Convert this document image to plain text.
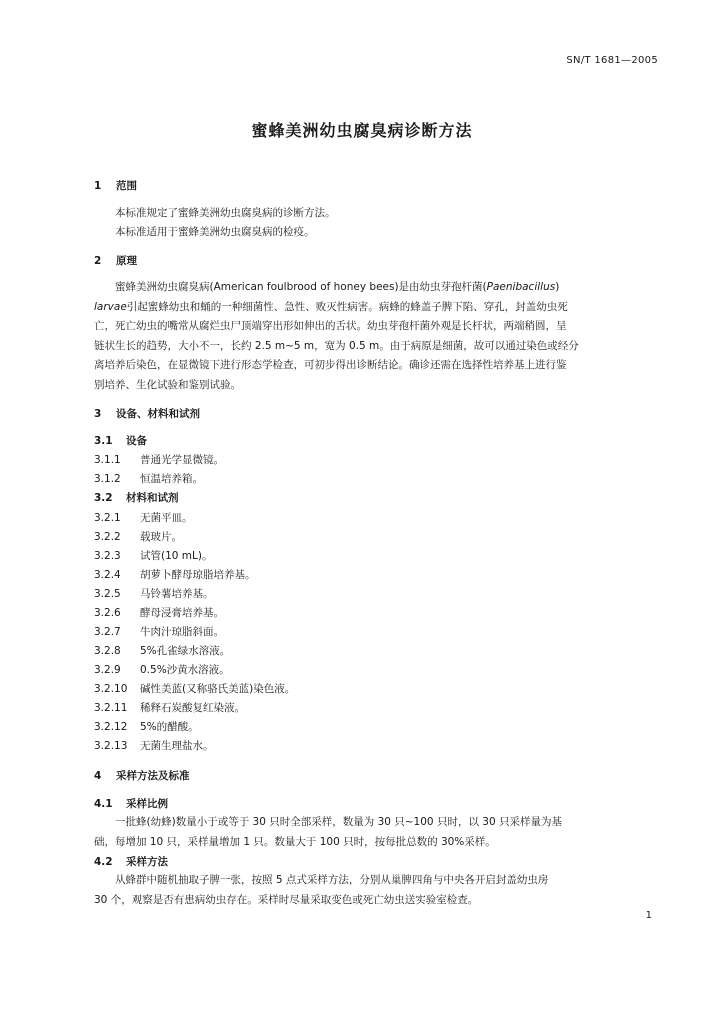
SN/T 1681—2005
蜜蜂美洲幼虫腐臭病诊断方法
1 范围
本标准规定了蜜蜂美洲幼虫腐臭病的诊断方法。
本标准适用于蜜蜂美洲幼虫腐臭病的检疫。
2 原理
蜜蜂美洲幼虫腐臭病(American foulbrood of honey bees)是由幼虫芽孢杆菌(Paenibacillus)
larvae引起蜜蜂幼虫和蛹的一种细菌性、急性、败灭性病害。病蜂的蜂盖子脾下陷、穿孔，封盖幼虫死
亡，死亡幼虫的嘴常从腐烂虫尸顶端穿出形如伸出的舌状。幼虫芽孢杆菌外观是长杆状，两端稍圆，呈
链状生长的趋势，大小不一，长约 2.5 m~5 m，宽为 0.5 m。由于病原是细菌，故可以通过染色或经分
离培养后染色，在显微镜下进行形态学检查，可初步得出诊断结论。确诊还需在选择性培养基上进行鉴
别培养、生化试验和鉴别试验。
3 设备、材料和试剂
3.1 设备
3.1.1 普通光学显微镜。
3.1.2 恒温培养箱。
3.2 材料和试剂
3.2.1 无菌平皿。
3.2.2 载玻片。
3.2.3 试管(10 mL)。
3.2.4 胡萝卜酵母琼脂培养基。
3.2.5 马铃薯培养基。
3.2.6 酵母浸膏培养基。
3.2.7 牛肉汁琼脂斜面。
3.2.8 5%孔雀绿水溶液。
3.2.9 0.5%沙黄水溶液。
3.2.10 碱性美蓝(又称骆氏美蓝)染色液。
3.2.11 稀释石炭酸复红染液。
3.2.12 5%的醋酸。
3.2.13 无菌生理盐水。
4 采样方法及标准
4.1 采样比例
一批蜂(幼蜂)数量小于或等于 30 只时全部采样，数量为 30 只~100 只时，以 30 只采样量为基
础，每增加 10 只，采样量增加 1 只。数量大于 100 只时，按每批总数的 30%采样。
4.2 采样方法
从蜂群中随机抽取子脾一张，按照 5 点式采样方法，分别从巢脾四角与中央各开启封盖幼虫房
30 个，观察是否有患病幼虫存在。采样时尽量采取变色或死亡幼虫送实验室检查。
1
